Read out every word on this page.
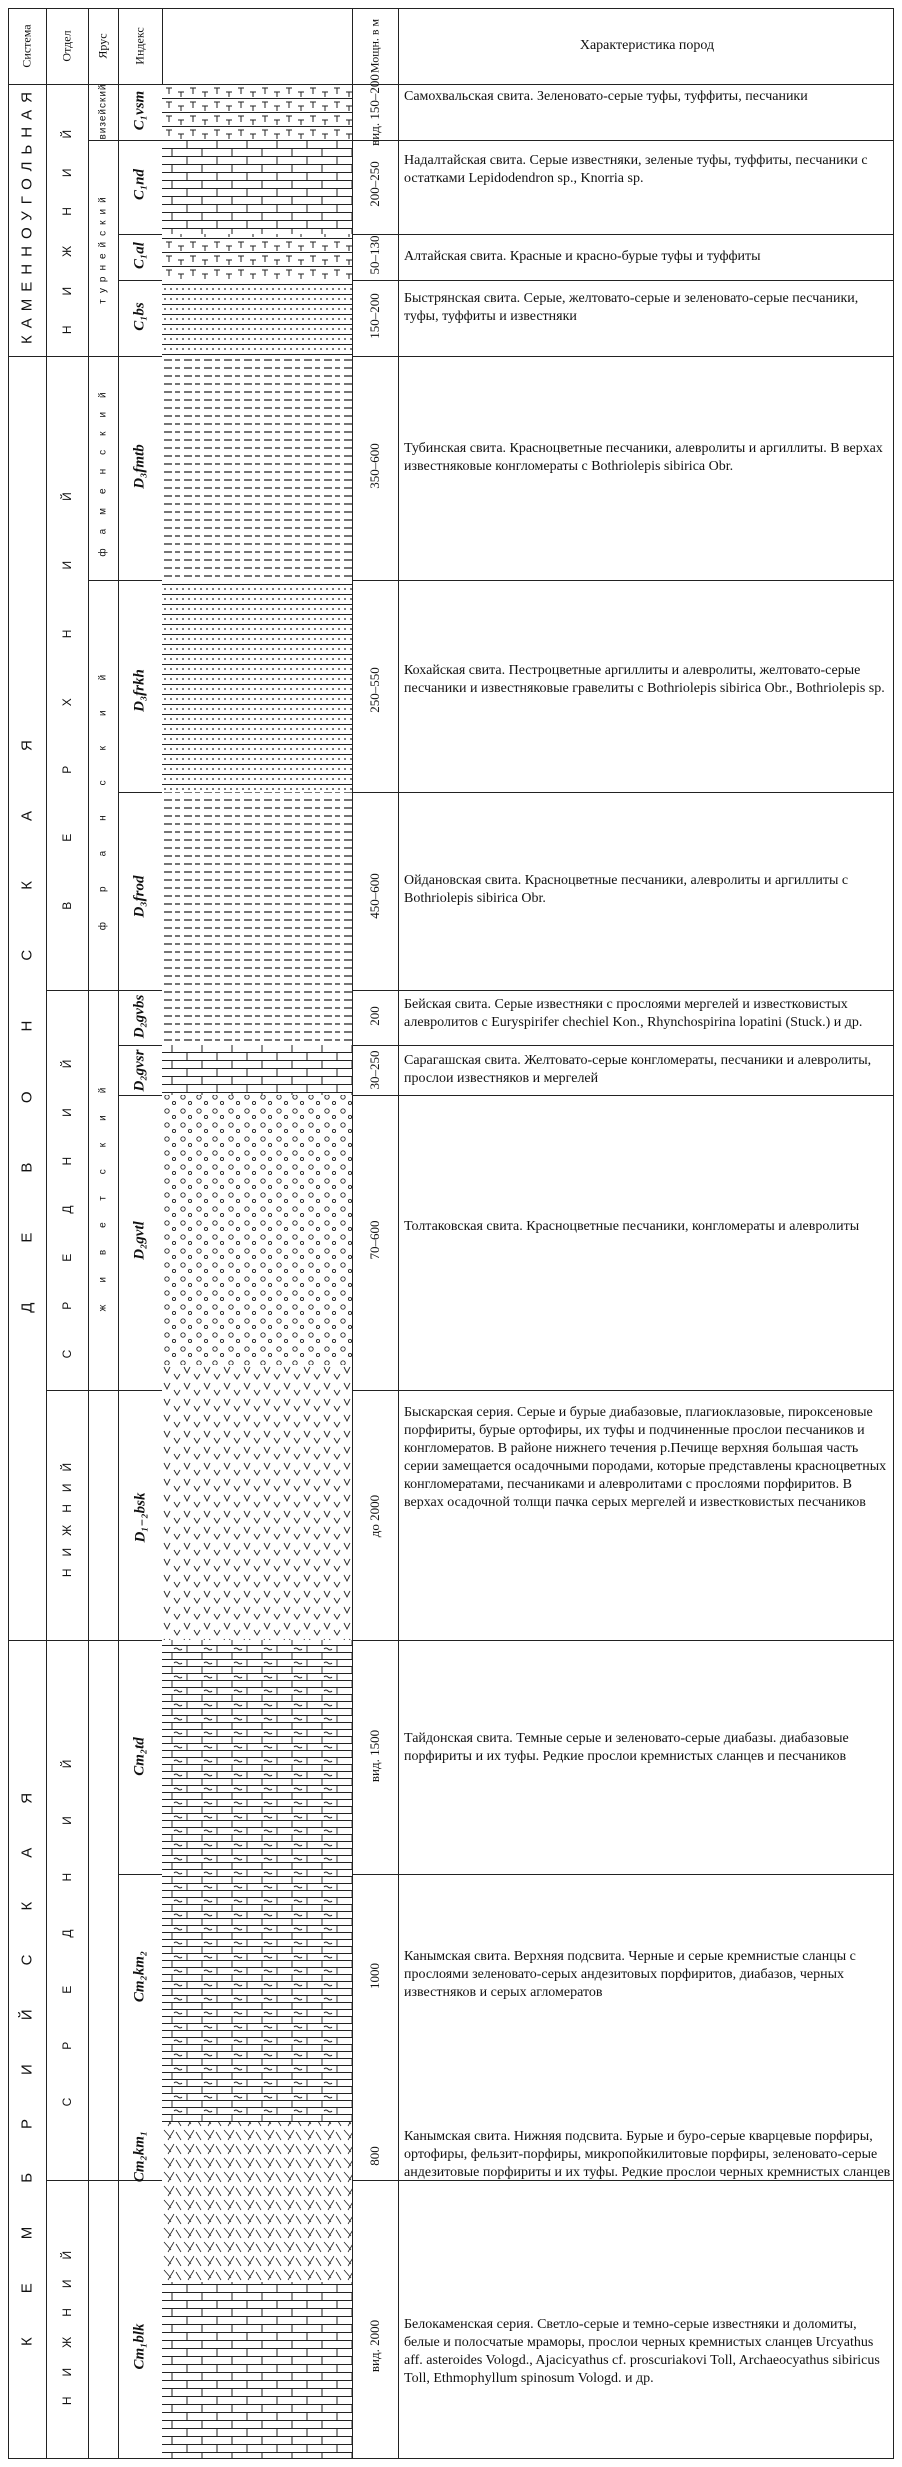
Система Отдел Ярус Индекс	Мощн. в м	Характеристика пород
КАМЕННОУГОЛЬНАЯ
ДЕВОНСКАЯ
КЕМБРИЙСКАЯ
НИЖНИЙ
ВЕРХНИЙ
СРЕДНИЙ
НИЖНИЙ
СРЕДНИЙ
НИЖНИЙ
визейский
турнейский
фаменский
франский
живетский
C₁vsm
C₁nd
C₁al
C₁bs
D₃fmtb
D₃frkh
D₃frod
D₂gvbs
D₂gvsr
D₂gvtl
D₁₋₂bsk
Cm₂td
Cm₂km₂
Cm₂km₁
Cm₁blk
вид. 150–200
200–250
50–130
150–200
350–600
250–550
450–600
200
30–250
70–600
до 2000
вид. 1500
1000
800
вид. 2000
Самохвальская свита. Зеленовато-серые туфы, туффиты, песчаники
Надалтайская свита. Серые известняки, зеленые туфы, туффиты, песчаники с остатками Lepidodendron sp., Knorria sp.
Алтайская свита. Красные и красно-бурые туфы и туффиты
Быстрянская свита. Серые, желтовато-серые и зеленовато-серые песчаники, туфы, туффиты и известняки
Тубинская свита. Красноцветные песчаники, алевролиты и аргиллиты. В верхах известняковые конгломераты с Bothriolepis sibirica Obr.
Кохайская свита. Пестроцветные аргиллиты и алевролиты, желтовато-серые песчаники и известняковые гравелиты с Bothriolepis sibirica Obr., Bothriolepis sp.
Ойдановская свита. Красноцветные песчаники, алевролиты и аргиллиты с Bothriolepis sibirica Obr.
Бейская свита. Серые известняки с прослоями мергелей и известковистых алевролитов с Euryspirifer chechiel Kon., Rhynchospirina lopatini (Stuck.) и др.
Сарагашская свита. Желтовато-серые конгломераты, песчаники и алевролиты, прослои известняков и мергелей
Толтаковская свита. Красноцветные песчаники, конгломераты и алевролиты
Быскарская серия. Серые и бурые диабазовые, плагиоклазовые, пироксеновые порфириты, бурые ортофиры, их туфы и подчиненные прослои песчаников и конгломератов. В районе нижнего течения р.Печище верхняя большая часть серии замещается осадочными породами, которые представлены красноцветных конгломератами, песчаниками и алевролитами с прослоями порфиритов. В верхах осадочной толщи пачка серых мергелей и известковистых песчаников
Тайдонская свита. Темные серые и зеленовато-серые диабазы. диабазовые порфириты и их туфы. Редкие прослои кремнистых сланцев и песчаников
Канымская свита. Верхняя подсвита. Черные и серые кремнистые сланцы с прослоями зеленовато-серых андезитовых порфиритов, диабазов, черных известняков и серых агломератов
Канымская свита. Нижняя подсвита. Бурые и буро-серые кварцевые порфиры, ортофиры, фельзит-порфиры, микропойкилитовые порфиры, зеленовато-серые андезитовые порфириты и их туфы. Редкие прослои черных кремнистых сланцев
Белокаменская серия. Светло-серые и темно-серые известняки и доломиты, белые и полосчатые мраморы, прослои черных кремнистых сланцев Urcyathus aff. asteroides Vologd., Ajacicyathus cf. proscuriakovi Toll, Archaeocyathus sibiricus Toll, Ethmophyllum spinosum Vologd. и др.
